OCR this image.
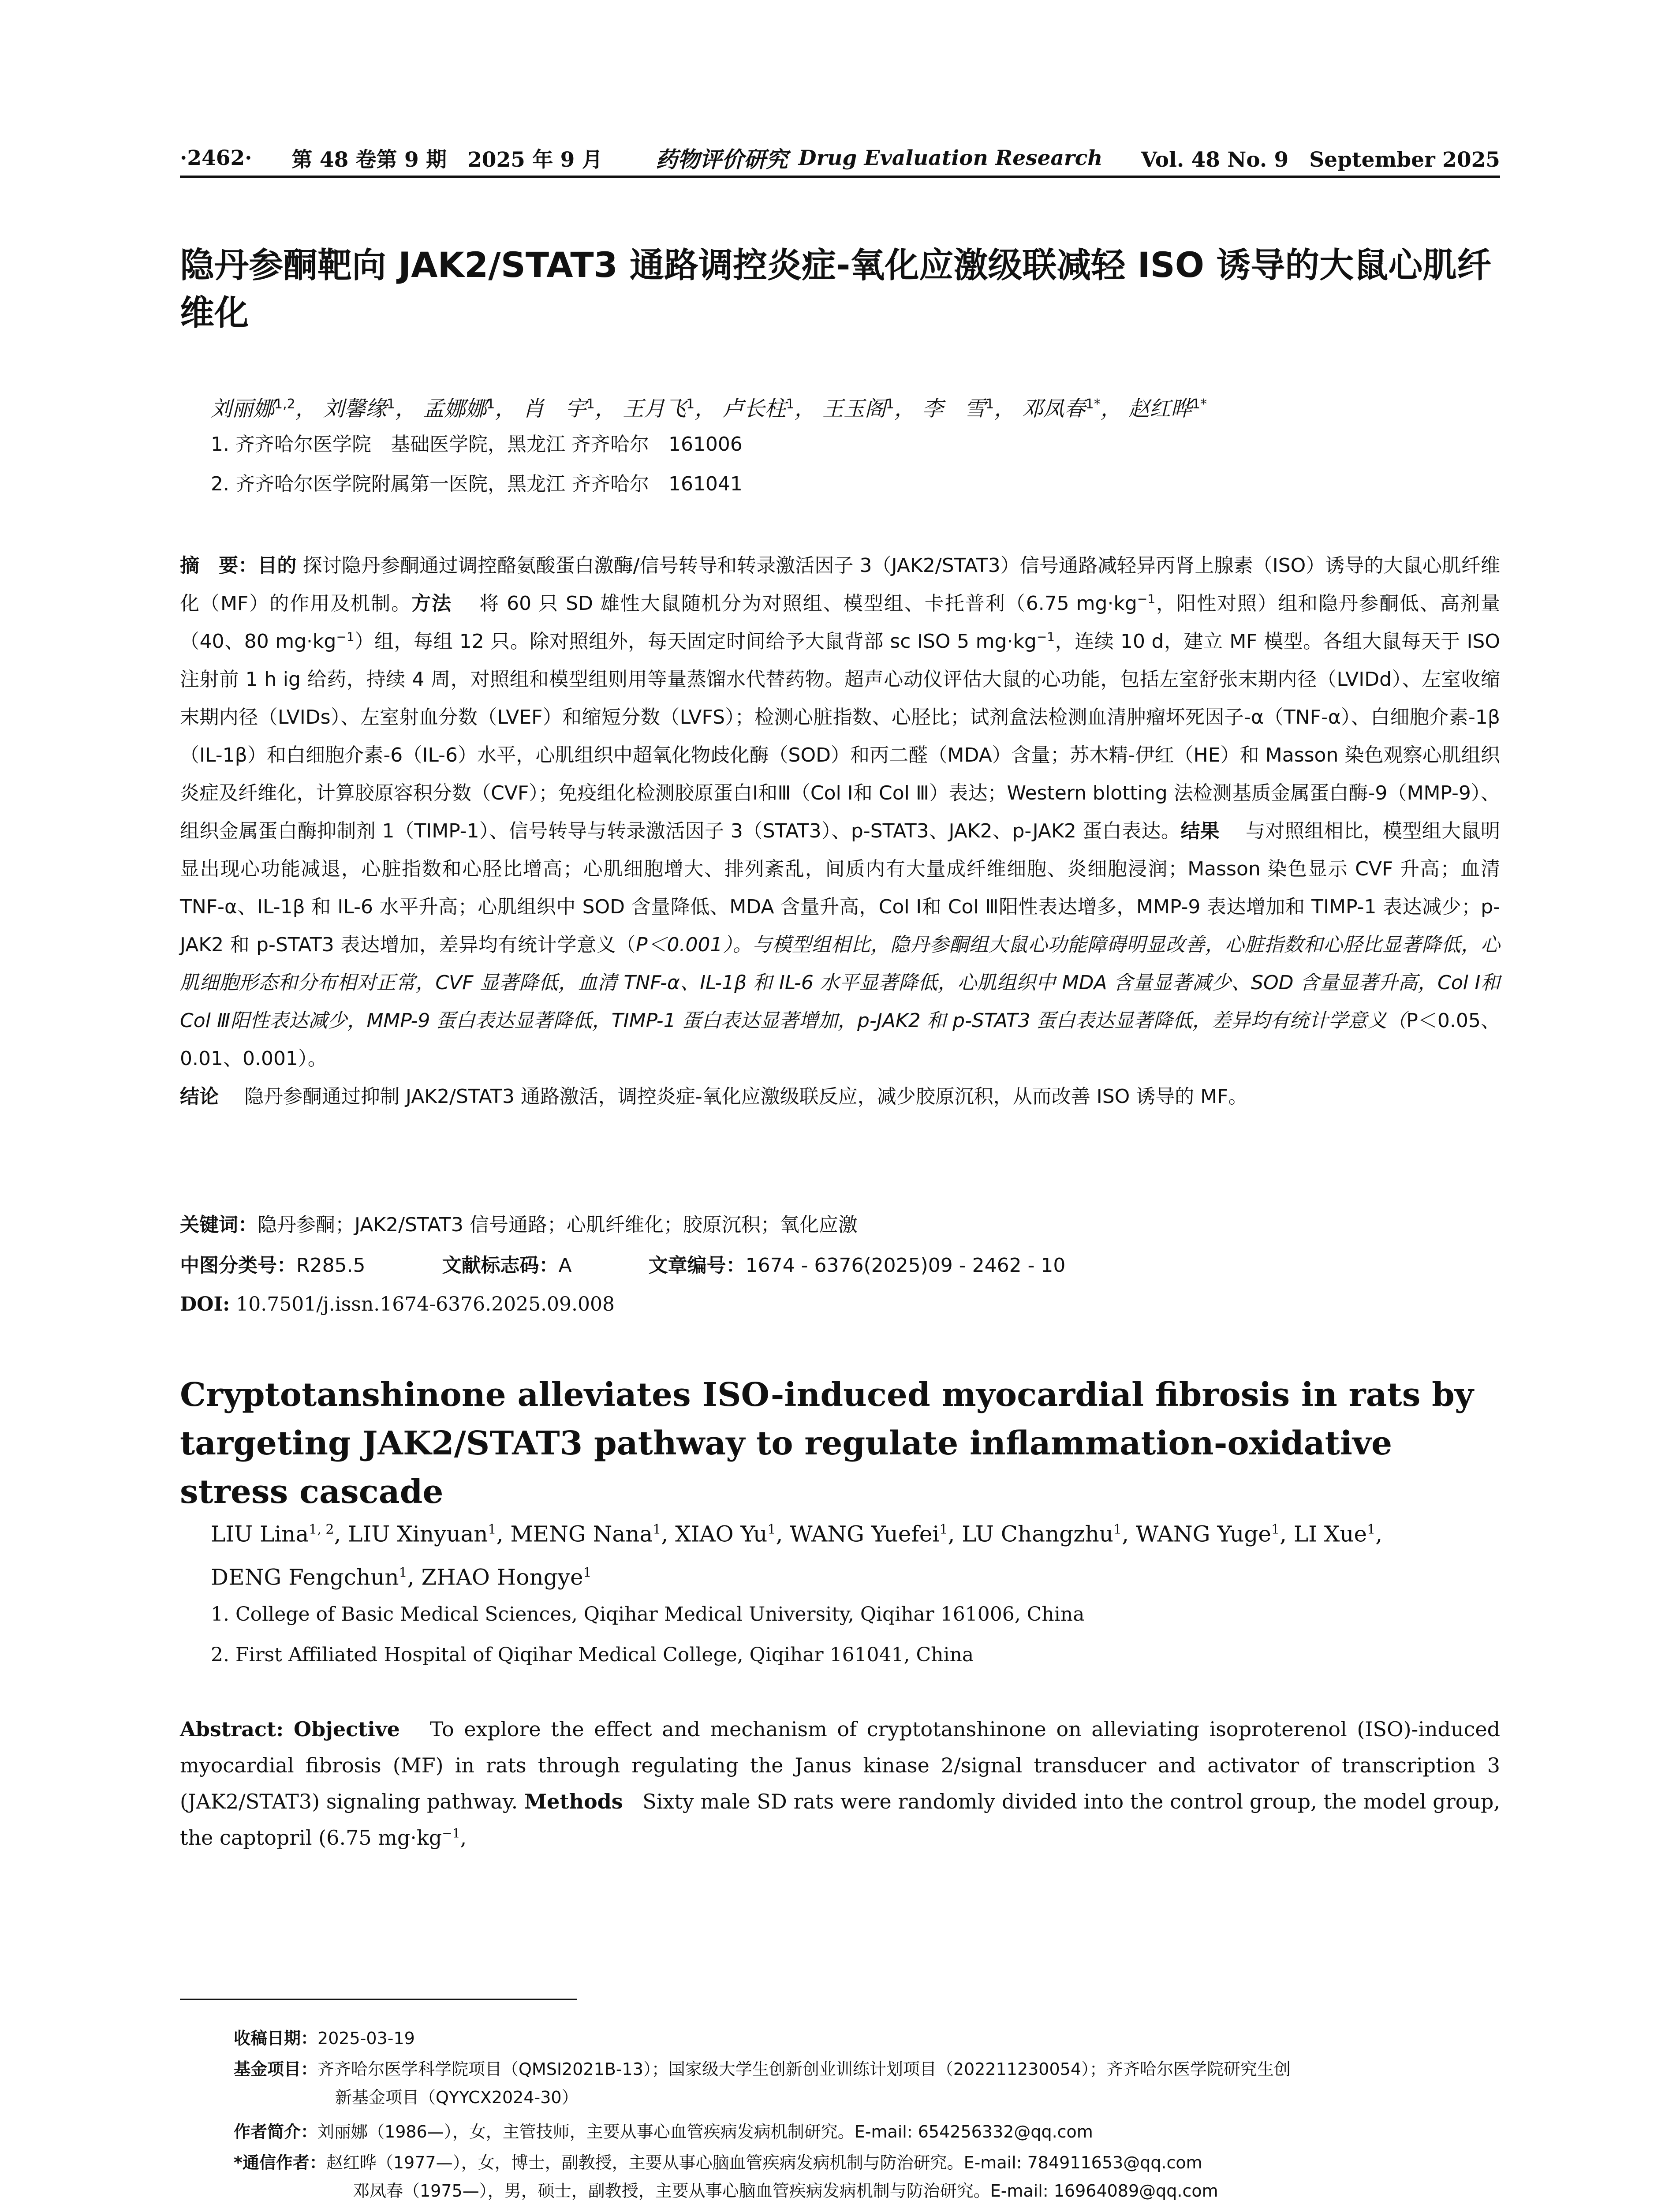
·2462· 第 48 卷第 9 期　2025 年 9 月 药物评价研究 Drug Evaluation Research Vol. 48 No. 9　September 2025
隐丹参酮靶向 JAK2/STAT3 通路调控炎症-氧化应激级联减轻 ISO 诱导的大鼠心肌纤维化
刘丽娜$^{1,2}$， 刘馨缘$^1$， 孟娜娜$^1$， 肖　宇$^1$， 王月飞$^1$， 卢长柱$^1$， 王玉阁$^1$， 李　雪$^1$， 邓凤春$^{1*}$， 赵红晔$^{1*}$
1. 齐齐哈尔医学院　基础医学院，黑龙江 齐齐哈尔　161006
2. 齐齐哈尔医学院附属第一医院，黑龙江 齐齐哈尔　161041
摘　要：目的 探讨隐丹参酮通过调控酪氨酸蛋白激酶/信号转导和转录激活因子 3（JAK2/STAT3）信号通路减轻异丙肾上腺素（ISO）诱导的大鼠心肌纤维化（MF）的作用及机制。方法　 将 60 只 SD 雄性大鼠随机分为对照组、模型组、卡托普利（6.75 $mg\cdot kg^{-1}$，阳性对照）组和隐丹参酮低、高剂量（40、80 $mg\cdot kg^{-1}$）组，每组 12 只。除对照组外，每天固定时间给予大鼠背部 sc ISO 5 $mg\cdot kg^{-1}$，连续 10 d，建立 MF 模型。各组大鼠每天于 ISO 注射前 1 h ig 给药，持续 4 周，对照组和模型组则用等量蒸馏水代替药物。超声心动仪评估大鼠的心功能，包括左室舒张末期内径（LVIDd）、左室收缩末期内径（LVIDs）、左室射血分数（LVEF）和缩短分数（LVFS）；检测心脏指数、心胫比；试剂盒法检测血清肿瘤坏死因子-α（TNF-α）、白细胞介素-1β（IL-1β）和白细胞介素-6（IL-6）水平，心肌组织中超氧化物歧化酶（SOD）和丙二醛（MDA）含量；苏木精-伊红（HE）和 Masson 染色观察心肌组织炎症及纤维化，计算胶原容积分数（CVF）；免疫组化检测胶原蛋白Ⅰ和Ⅲ（Col Ⅰ和 Col Ⅲ）表达；Western blotting 法检测基质金属蛋白酶-9（MMP-9）、组织金属蛋白酶抑制剂 1（TIMP-1）、信号转导与转录激活因子 3（STAT3）、p-STAT3、JAK2、p-JAK2 蛋白表达。结果　 与对照组相比，模型组大鼠明显出现心功能减退，心脏指数和心胫比增高；心肌细胞增大、排列紊乱，间质内有大量成纤维细胞、炎细胞浸润；Masson 染色显示 CVF 升高；血清 TNF-α、IL-1β 和 IL-6 水平升高；心肌组织中 SOD 含量降低、MDA 含量升高，Col Ⅰ和 Col Ⅲ阳性表达增多，MMP-9 表达增加和 TIMP-1 表达减少；p-JAK2 和 p-STAT3 表达增加，差异均有统计学意义（P＜0.001）。与模型组相比，隐丹参酮组大鼠心功能障碍明显改善，心脏指数和心胫比显著降低，心肌细胞形态和分布相对正常，CVF 显著降低，血清 TNF-α、IL-1β 和 IL-6 水平显著降低，心肌组织中 MDA 含量显著减少、SOD 含量显著升高，Col Ⅰ和 Col Ⅲ阳性表达减少，MMP-9 蛋白表达显著降低，TIMP-1 蛋白表达显著增加，p-JAK2 和 p-STAT3 蛋白表达显著降低，差异均有统计学意义（P＜0.05、0.01、0.001）。
结论　 隐丹参酮通过抑制 JAK2/STAT3 通路激活，调控炎症-氧化应激级联反应，减少胶原沉积，从而改善 ISO 诱导的 MF。
关键词：隐丹参酮；JAK2/STAT3 信号通路；心肌纤维化；胶原沉积；氧化应激
中图分类号：R285.5	文献标志码：A	文章编号：1674 - 6376(2025)09 - 2462 - 10
DOI: 10.7501/j.issn.1674-6376.2025.09.008
Cryptotanshinone alleviates ISO-induced myocardial fibrosis in rats by targeting JAK2/STAT3 pathway to regulate inflammation-oxidative stress cascade
LIU Lina$^{1, 2}$, LIU Xinyuan$^1$, MENG Nana$^1$, XIAO Yu$^1$, WANG Yuefei$^1$, LU Changzhu$^1$, WANG Yuge$^1$, LI Xue$^1$,
DENG Fengchun$^1$, ZHAO Hongye$^1$
1. College of Basic Medical Sciences, Qiqihar Medical University, Qiqihar 161006, China
2. First Affiliated Hospital of Qiqihar Medical College, Qiqihar 161041, China
Abstract: Objective To explore the effect and mechanism of cryptotanshinone on alleviating isoproterenol (ISO)-induced myocardial fibrosis (MF) in rats through regulating the Janus kinase 2/signal transducer and activator of transcription 3 (JAK2/STAT3) signaling pathway. Methods Sixty male SD rats were randomly divided into the control group, the model group, the captopril (6.75 $mg\cdot kg^{-1}$,
收稿日期：2025-03-19
基金项目：齐齐哈尔医学科学院项目（QMSI2021B-13）；国家级大学生创新创业训练计划项目（202211230054）；齐齐哈尔医学院研究生创
新基金项目（QYYCX2024-30）
作者简介：刘丽娜（1986—），女，主管技师，主要从事心血管疾病发病机制研究。E-mail: 654256332@qq.com
*通信作者：赵红晔（1977—），女，博士，副教授，主要从事心脑血管疾病发病机制与防治研究。E-mail: 784911653@qq.com
邓凤春（1975—），男，硕士，副教授，主要从事心脑血管疾病发病机制与防治研究。E-mail: 16964089@qq.com
